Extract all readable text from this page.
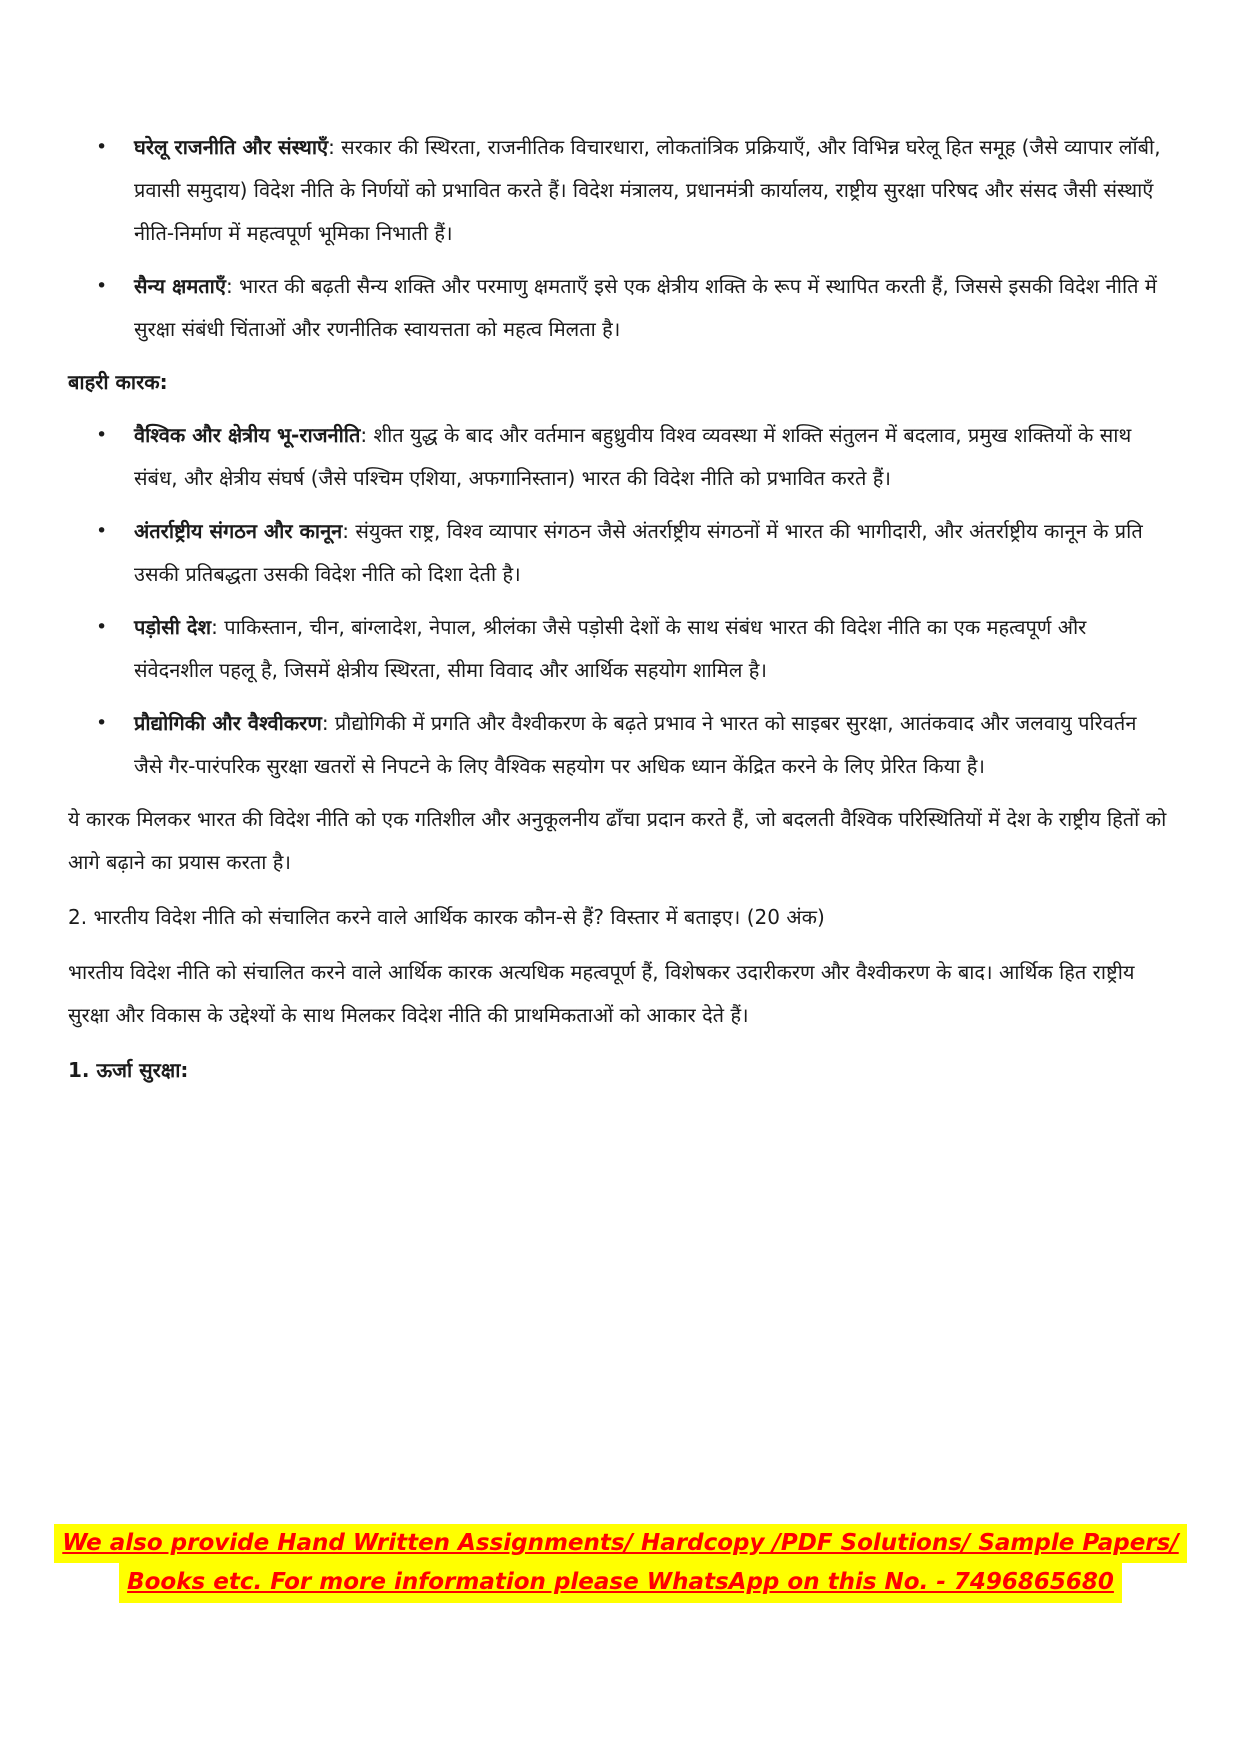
• घरेलू राजनीति और संस्थाएँ: सरकार की स्थिरता, राजनीतिक विचारधारा, लोकतांत्रिक प्रक्रियाएँ, और विभिन्न घरेलू हित समूह (जैसे व्यापार लॉबी, प्रवासी समुदाय) विदेश नीति के निर्णयों को प्रभावित करते हैं। विदेश मंत्रालय, प्रधानमंत्री कार्यालय, राष्ट्रीय सुरक्षा परिषद और संसद जैसी संस्थाएँ नीति-निर्माण में महत्वपूर्ण भूमिका निभाती हैं।
• सैन्य क्षमताएँ: भारत की बढ़ती सैन्य शक्ति और परमाणु क्षमताएँ इसे एक क्षेत्रीय शक्ति के रूप में स्थापित करती हैं, जिससे इसकी विदेश नीति में सुरक्षा संबंधी चिंताओं और रणनीतिक स्वायत्तता को महत्व मिलता है।
बाहरी कारक:
• वैश्विक और क्षेत्रीय भू-राजनीति: शीत युद्ध के बाद और वर्तमान बहुध्रुवीय विश्व व्यवस्था में शक्ति संतुलन में बदलाव, प्रमुख शक्तियों के साथ संबंध, और क्षेत्रीय संघर्ष (जैसे पश्चिम एशिया, अफगानिस्तान) भारत की विदेश नीति को प्रभावित करते हैं।
• अंतर्राष्ट्रीय संगठन और कानून: संयुक्त राष्ट्र, विश्व व्यापार संगठन जैसे अंतर्राष्ट्रीय संगठनों में भारत की भागीदारी, और अंतर्राष्ट्रीय कानून के प्रति उसकी प्रतिबद्धता उसकी विदेश नीति को दिशा देती है।
• पड़ोसी देश: पाकिस्तान, चीन, बांग्लादेश, नेपाल, श्रीलंका जैसे पड़ोसी देशों के साथ संबंध भारत की विदेश नीति का एक महत्वपूर्ण और संवेदनशील पहलू है, जिसमें क्षेत्रीय स्थिरता, सीमा विवाद और आर्थिक सहयोग शामिल है।
• प्रौद्योगिकी और वैश्वीकरण: प्रौद्योगिकी में प्रगति और वैश्वीकरण के बढ़ते प्रभाव ने भारत को साइबर सुरक्षा, आतंकवाद और जलवायु परिवर्तन जैसे गैर-पारंपरिक सुरक्षा खतरों से निपटने के लिए वैश्विक सहयोग पर अधिक ध्यान केंद्रित करने के लिए प्रेरित किया है।

ये कारक मिलकर भारत की विदेश नीति को एक गतिशील और अनुकूलनीय ढाँचा प्रदान करते हैं, जो बदलती वैश्विक परिस्थितियों में देश के राष्ट्रीय हितों को आगे बढ़ाने का प्रयास करता है।

2. भारतीय विदेश नीति को संचालित करने वाले आर्थिक कारक कौन-से हैं? विस्तार में बताइए। (20 अंक)

भारतीय विदेश नीति को संचालित करने वाले आर्थिक कारक अत्यधिक महत्वपूर्ण हैं, विशेषकर उदारीकरण और वैश्वीकरण के बाद। आर्थिक हित राष्ट्रीय सुरक्षा और विकास के उद्देश्यों के साथ मिलकर विदेश नीति की प्राथमिकताओं को आकार देते हैं।

1. ऊर्जा सुरक्षा:
We also provide Hand Written Assignments/ Hardcopy /PDF Solutions/ Sample Papers/
Books etc. For more information please WhatsApp on this No. - 7496865680
